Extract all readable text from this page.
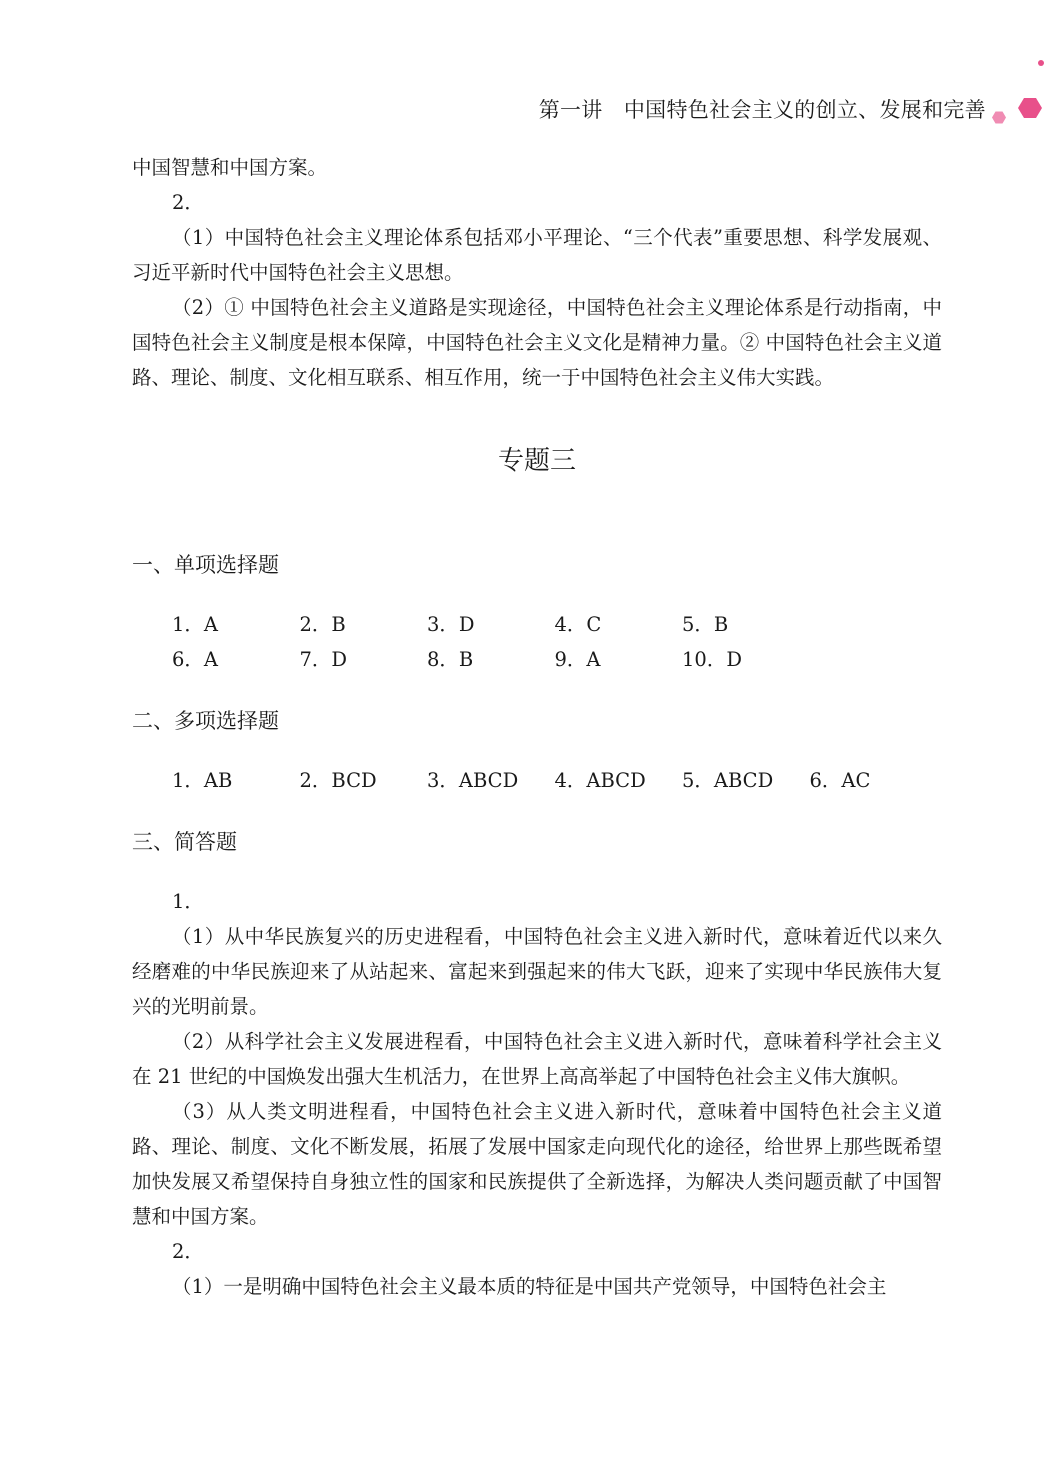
第一讲　中国特色社会主义的创立、发展和完善

中国智慧和中国方案。

2．

（1）中国特色社会主义理论体系包括邓小平理论、“三个代表”重要思想、科学发展观、习近平新时代中国特色社会主义思想。

（2）① 中国特色社会主义道路是实现途径，中国特色社会主义理论体系是行动指南，中国特色社会主义制度是根本保障，中国特色社会主义文化是精神力量。② 中国特色社会主义道路、理论、制度、文化相互联系、相互作用，统一于中国特色社会主义伟大实践。

专题三
一、单项选择题
1．A	2．B	3．D	4．C	5．B
6．A	7．D	8．B	9．A	10．D
二、多项选择题
1．AB	2．BCD	3．ABCD	4．ABCD	5．ABCD	6．AC
三、简答题

1．

（1）从中华民族复兴的历史进程看，中国特色社会主义进入新时代，意味着近代以来久经磨难的中华民族迎来了从站起来、富起来到强起来的伟大飞跃，迎来了实现中华民族伟大复兴的光明前景。

（2）从科学社会主义发展进程看，中国特色社会主义进入新时代，意味着科学社会主义在 21 世纪的中国焕发出强大生机活力，在世界上高高举起了中国特色社会主义伟大旗帜。

（3）从人类文明进程看，中国特色社会主义进入新时代，意味着中国特色社会主义道路、理论、制度、文化不断发展，拓展了发展中国家走向现代化的途径，给世界上那些既希望加快发展又希望保持自身独立性的国家和民族提供了全新选择，为解决人类问题贡献了中国智慧和中国方案。

2．

（1）一是明确中国特色社会主义最本质的特征是中国共产党领导，中国特色社会主
